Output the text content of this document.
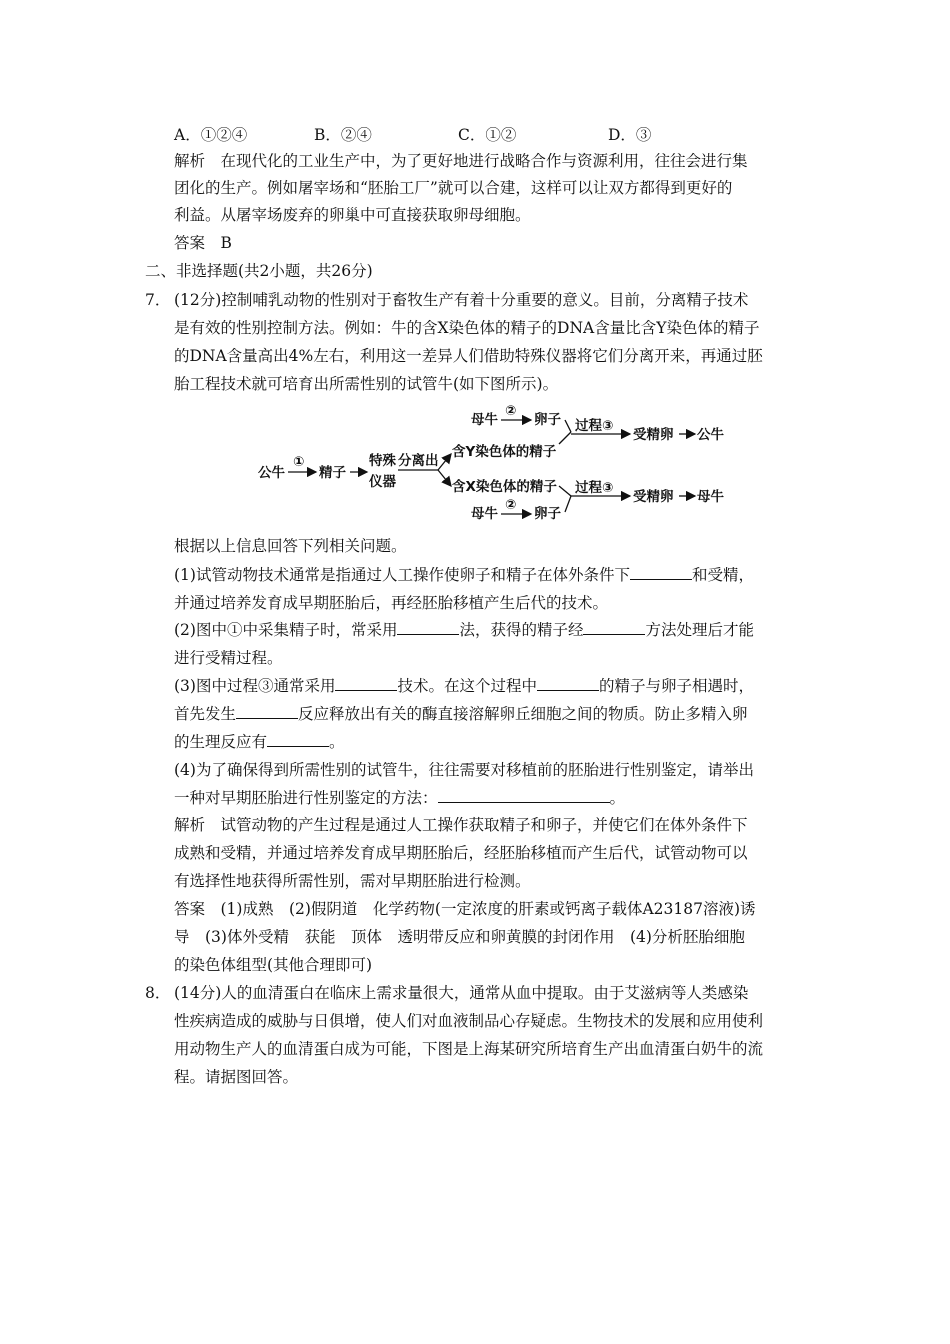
A．①②④	B．②④	C．①②	D．③
解析　在现代化的工业生产中，为了更好地进行战略合作与资源利用，往往会进行集
团化的生产。例如屠宰场和“胚胎工厂”就可以合建，这样可以让双方都得到更好的
利益。从屠宰场废弃的卵巢中可直接获取卵母细胞。
答案　B
二、非选择题(共2小题，共26分)
7． (12分)控制哺乳动物的性别对于畜牧生产有着十分重要的意义。目前，分离精子技术
是有效的性别控制方法。例如：牛的含X染色体的精子的DNA含量比含Y染色体的精子
的DNA含量高出4%左右，利用这一差异人们借助特殊仪器将它们分离开来，再通过胚
胎工程技术就可培育出所需性别的试管牛(如下图所示)。
公牛
①
精子
特殊
仪器
分离出
含Y染色体的精子
含X染色体的精子
母牛
②
卵子 过程③
受精卵 公牛
过程③
受精卵 母牛
母牛
②
卵子
根据以上信息回答下列相关问题。
(1)试管动物技术通常是指通过人工操作使卵子和精子在体外条件下	和受精，
并通过培养发育成早期胚胎后，再经胚胎移植产生后代的技术。
(2)图中①中采集精子时，常采用	法，获得的精子经	方法处理后才能
进行受精过程。
(3)图中过程③通常采用	技术。在这个过程中	的精子与卵子相遇时，
首先发生	反应释放出有关的酶直接溶解卵丘细胞之间的物质。防止多精入卵
的生理反应有	。
(4)为了确保得到所需性别的试管牛，往往需要对移植前的胚胎进行性别鉴定，请举出
一种对早期胚胎进行性别鉴定的方法：	。
解析　试管动物的产生过程是通过人工操作获取精子和卵子，并使它们在体外条件下
成熟和受精，并通过培养发育成早期胚胎后，经胚胎移植而产生后代，试管动物可以
有选择性地获得所需性别，需对早期胚胎进行检测。
答案　(1)成熟　(2)假阴道　化学药物(一定浓度的肝素或钙离子载体A23187溶液)诱
导　(3)体外受精　获能　顶体　透明带反应和卵黄膜的封闭作用　(4)分析胚胎细胞
的染色体组型(其他合理即可)
8． (14分)人的血清蛋白在临床上需求量很大，通常从血中提取。由于艾滋病等人类感染
性疾病造成的威胁与日俱增，使人们对血液制品心存疑虑。生物技术的发展和应用使利
用动物生产人的血清蛋白成为可能，下图是上海某研究所培育生产出血清蛋白奶牛的流
程。请据图回答。
